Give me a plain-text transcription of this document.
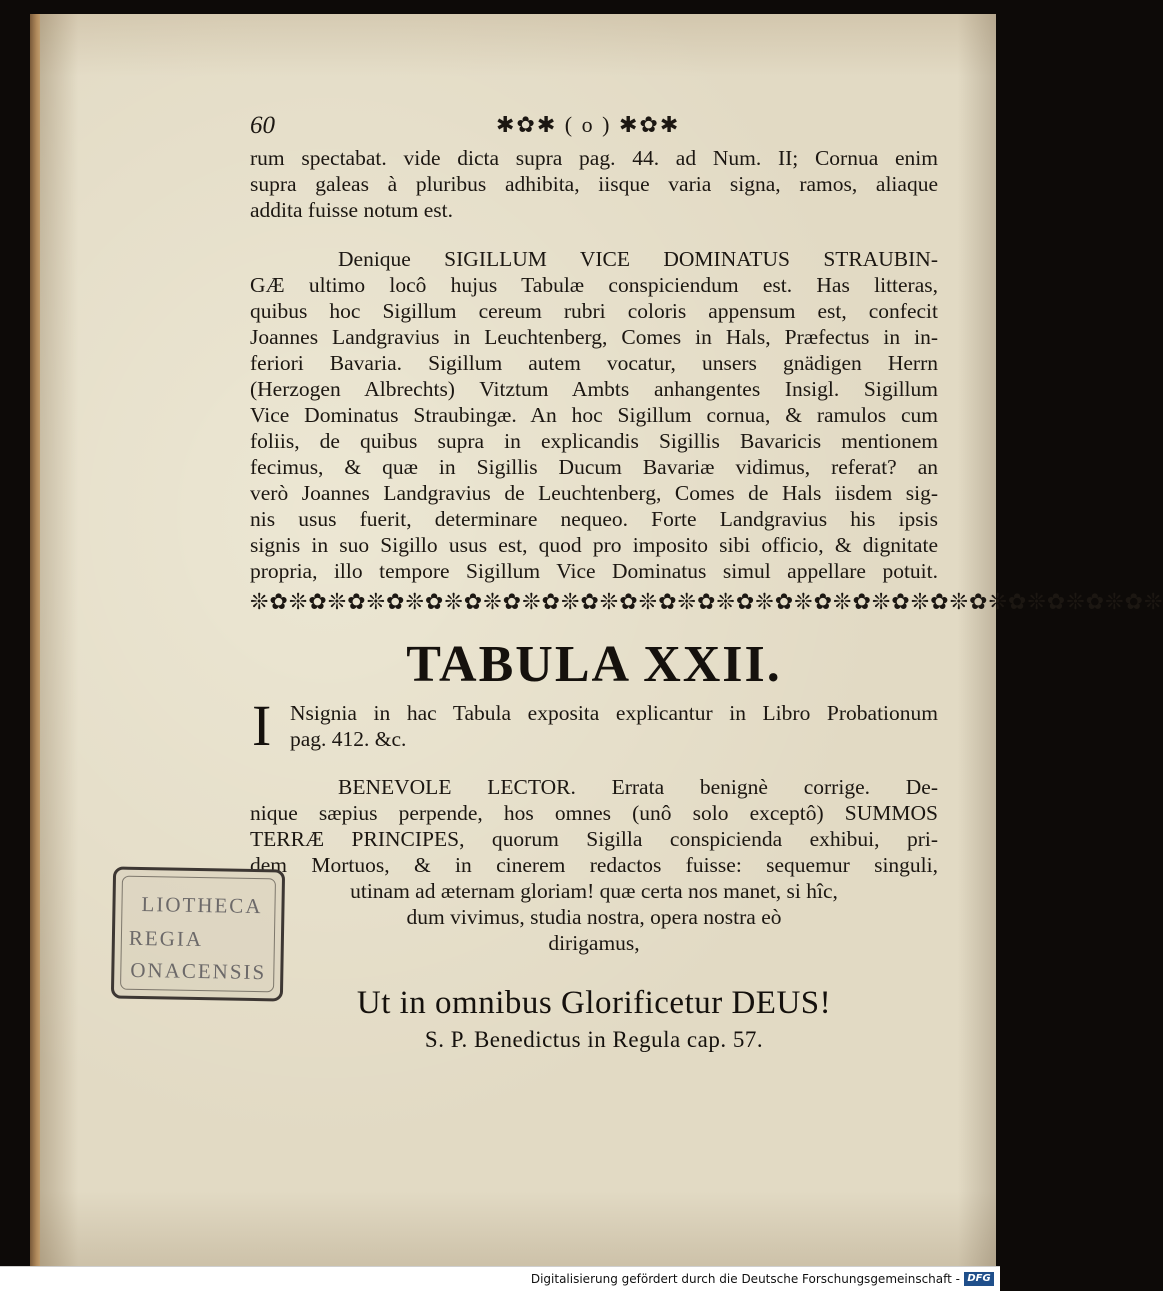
60	✱✿✱ ( o ) ✱✿✱
rum spectabat. vide dicta supra pag. 44. ad Num. II; Cornua enim
supra galeas à pluribus adhibita, iisque varia signa, ramos, aliaque
addita fuisse notum est.
Denique SIGILLUM VICE DOMINATUS STRAUBIN-
GÆ ultimo locô hujus Tabulæ conspiciendum est. Has litteras,
quibus hoc Sigillum cereum rubri coloris appensum est, confecit
Joannes Landgravius in Leuchtenberg, Comes in Hals, Præfectus in in-
feriori Bavaria. Sigillum autem vocatur, unsers gnädigen Herrn
(Herzogen Albrechts) Vitztum Ambts anhangentes Insigl. Sigillum
Vice Dominatus Straubingæ. An hoc Sigillum cornua, & ramulos cum
foliis, de quibus supra in explicandis Sigillis Bavaricis mentionem
fecimus, & quæ in Sigillis Ducum Bavariæ vidimus, referat? an
verò Joannes Landgravius de Leuchtenberg, Comes de Hals iisdem sig-
nis usus fuerit, determinare nequeo. Forte Landgravius his ipsis
signis in suo Sigillo usus est, quod pro imposito sibi officio, & dignitate
propria, illo tempore Sigillum Vice Dominatus simul appellare potuit.
❊✿❊✿❊✿❊✿❊✿❊✿❊✿❊✿❊✿❊✿❊✿❊✿❊✿❊✿❊✿❊✿❊✿❊✿❊✿❊✿❊✿❊✿❊✿❊
TABULA XXII.
I Nsignia in hac Tabula exposita explicantur in Libro Probationum
pag. 412. &c.
BENEVOLE LECTOR. Errata benignè corrige. De-
nique sæpius perpende, hos omnes (unô solo exceptô) SUMMOS
TERRÆ PRINCIPES, quorum Sigilla conspicienda exhibui, pri-
dem Mortuos, & in cinerem redactos fuisse: sequemur singuli,
utinam ad æternam gloriam! quæ certa nos manet, si hîc,
dum vivimus, studia nostra, opera nostra eò
dirigamus,
Ut in omnibus Glorificetur DEUS!
S. P. Benedictus in Regula cap. 57.
LIOTHECA
REGIA
ONACENSIS
Digitalisierung gefördert durch die Deutsche Forschungsgemeinschaft - DFG
